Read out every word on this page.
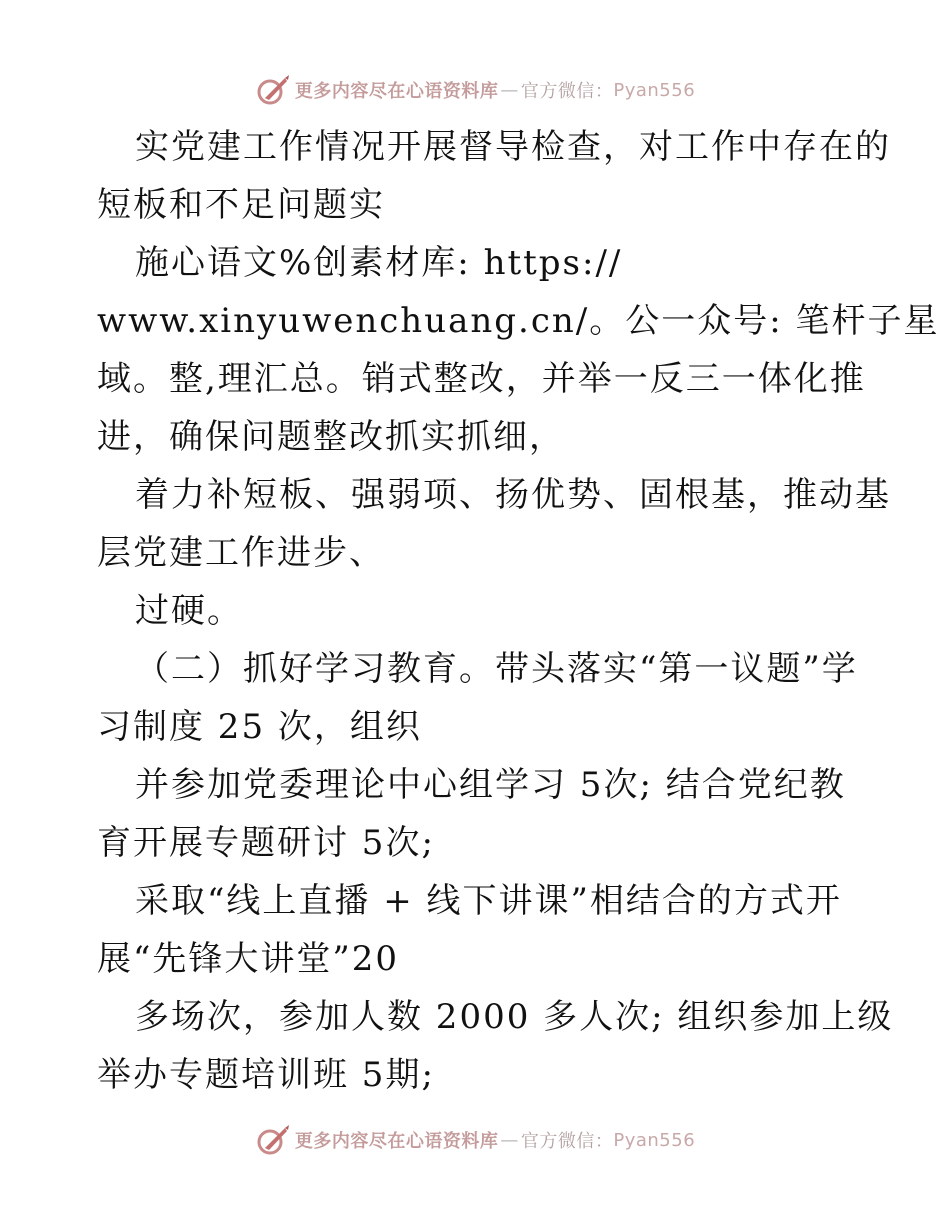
更多内容尽在心语资料库 — 官方微信： Pyan556
实党建工作情况开展督导检查，对工作中存在的
短板和不足问题实
施心语文%创素材库: https://
www.xinyuwenchuang.cn/。公一众号: 笔杆子星
域。整,理汇总。销式整改，并举一反三一体化推
进，确保问题整改抓实抓细，
着力补短板、强弱项、扬优势、固根基，推动基
层党建工作进步、
过硬。
（二）抓好学习教育。带头落实“第一议题”学
习制度 25 次，组织
并参加党委理论中心组学习 5次; 结合党纪教
育开展专题研讨 5次;
采取“线上直播 + 线下讲课”相结合的方式开
展“先锋大讲堂”20
多场次，参加人数 2000 多人次; 组织参加上级
举办专题培训班 5期;
更多内容尽在心语资料库 — 官方微信： Pyan556
